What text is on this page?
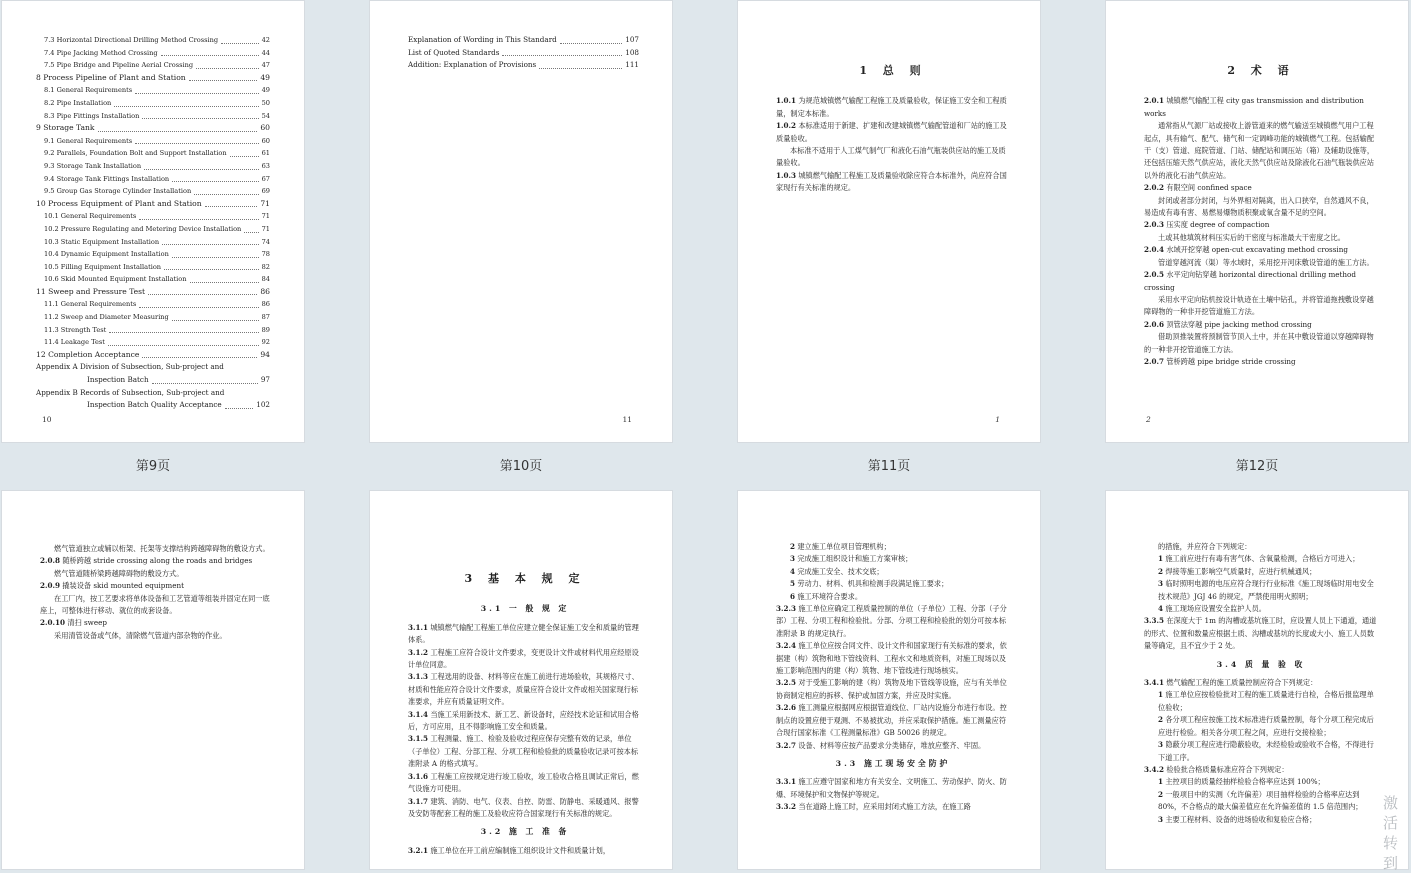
7.3 Horizontal Directional Drilling Method Crossing	42
7.4 Pipe Jacking Method Crossing	44
7.5 Pipe Bridge and Pipeline Aerial Crossing	47
8 Process Pipeline of Plant and Station	49
8.1 General Requirements	49
8.2 Pipe Installation	50
8.3 Pipe Fittings Installation	54
9 Storage Tank	60
9.1 General Requirements	60
9.2 Parallels, Foundation Bolt and Support Installation	61
9.3 Storage Tank Installation	63
9.4 Storage Tank Fittings Installation	67
9.5 Group Gas Storage Cylinder Installation	69
10 Process Equipment of Plant and Station	71
10.1 General Requirements	71
10.2 Pressure Regulating and Metering Device Installation	71
10.3 Static Equipment Installation	74
10.4 Dynamic Equipment Installation	78
10.5 Filling Equipment Installation	82
10.6 Skid Mounted Equipment Installation	84
11 Sweep and Pressure Test	86
11.1 General Requirements	86
11.2 Sweep and Diameter Measuring	87
11.3 Strength Test	89
11.4 Leakage Test	92
12 Completion Acceptance	94
Appendix A Division of Subsection, Sub-project and
Inspection Batch	97
Appendix B Records of Subsection, Sub-project and
Inspection Batch Quality Acceptance	102
10
第9页
Explanation of Wording in This Standard	107
List of Quoted Standards	108
Addition: Explanation of Provisions	111
11
第10页
1 总 则
1.0.1 为规范城镇燃气输配工程施工及质量验收，保证施工安全和工程质量，制定本标准。
1.0.2 本标准适用于新建、扩建和改建城镇燃气输配管道和厂站的施工及质量验收。
本标准不适用于人工煤气制气厂和液化石油气瓶装供应站的施工及质量验收。
1.0.3 城镇燃气输配工程施工及质量验收除应符合本标准外，尚应符合国家现行有关标准的规定。
1
第11页
2 术 语
2.0.1 城镇燃气输配工程 city gas transmission and distribution works
通常指从气源厂站或接收上游管道来的燃气输送至城镇燃气用户工程起点，具有输气、配气、储气和一定调峰功能的城镇燃气工程。包括输配干（支）管道、庭院管道、门站、储配站和调压站（箱）及辅助设施等，还包括压缩天然气供应站，液化天然气供应站及除液化石油气瓶装供应站以外的液化石油气供应站。
2.0.2 有限空间 confined space
封闭或者部分封闭，与外界相对隔离，出入口狭窄，自然通风不良，易造成有毒有害、易燃易爆物质积聚或氧含量不足的空间。
2.0.3 压实度 degree of compaction
土或其他填筑材料压实后的干密度与标准最大干密度之比。
2.0.4 水域开挖穿越 open-cut excavating method crossing
管道穿越河流（渠）等水域时，采用挖开河床敷设管道的施工方法。
2.0.5 水平定向钻穿越 horizontal directional drilling method crossing
采用水平定向钻机按设计轨迹在土壤中钻孔，并将管道拖拽敷设穿越障碍物的一种非开挖管道施工方法。
2.0.6 顶管法穿越 pipe jacking method crossing
借助顶推装置将预制管节顶入土中，并在其中敷设管道以穿越障碍物的一种非开挖管道施工方法。
2.0.7 管桥跨越 pipe bridge stride crossing
2
第12页
燃气管道独立或辅以桁架、托架等支撑结构跨越障碍物的敷设方式。
2.0.8 随桥跨越 stride crossing along the roads and bridges
燃气管道随桥梁跨越障碍物的敷设方式。
2.0.9 撬装设备 skid mounted equipment
在工厂内，按工艺要求将单体设备和工艺管道等组装并固定在同一底座上，可整体进行移动、就位的成套设备。
2.0.10 清扫 sweep
采用清管设备或气体，清除燃气管道内部杂物的作业。
3 基 本 规 定
3.1 一 般 规 定
3.1.1 城镇燃气输配工程施工单位应建立健全保证施工安全和质量的管理体系。
3.1.2 工程施工应符合设计文件要求，变更设计文件或材料代用应经原设计单位同意。
3.1.3 工程选用的设备、材料等应在施工前进行进场验收，其规格尺寸、材质和性能应符合设计文件要求，质量应符合设计文件或相关国家现行标准要求，并应有质量证明文件。
3.1.4 当施工采用新技术、新工艺、新设备时，应经技术论证和试用合格后，方可应用，且不得影响施工安全和质量。
3.1.5 工程测量、施工、检验及验收过程应保存完整有效的记录，单位（子单位）工程、分部工程、分项工程和检验批的质量验收记录可按本标准附录 A 的格式填写。
3.1.6 工程施工应按规定进行竣工验收，竣工验收合格且调试正常后，燃气设施方可使用。
3.1.7 建筑、消防、电气、仪表、自控、防雷、防静电、采暖通风、报警及安防等配套工程的施工及验收应符合国家现行有关标准的规定。
3.2 施 工 准 备
3.2.1 施工单位在开工前应编制施工组织设计文件和质量计划，
2 建立施工单位项目管理机构；
3 完成施工组织设计和施工方案审核；
4 完成施工安全、技术交底；
5 劳动力、材料、机具和检测手段满足施工要求；
6 施工环境符合要求。
3.2.3 施工单位应确定工程质量控制的单位（子单位）工程、分部（子分部）工程、分项工程和检验批。分部、分项工程和检验批的划分可按本标准附录 B 的规定执行。
3.2.4 施工单位应按合同文件、设计文件和国家现行有关标准的要求，依据建（构）筑物和地下管线资料、工程水文和地质资料，对施工现场以及施工影响范围内的建（构）筑物、地下管线进行现场核实。
3.2.5 对于受施工影响的建（构）筑物及地下管线等设施，应与有关单位协商制定相应的拆移、保护或加固方案，并应及时实施。
3.2.6 施工测量应根据网应根据管道线位、厂站内设施分布进行布设。控制点的设置应便于观测、不易被扰动，并应采取保护措施。施工测量应符合现行国家标准《工程测量标准》GB 50026 的规定。
3.2.7 设备、材料等应按产品要求分类储存，堆放应整齐、牢固。
3.3 施工现场安全防护
3.3.1 施工应遵守国家和地方有关安全、文明施工、劳动保护、防火、防爆、环境保护和文物保护等规定。
3.3.2 当在道路上施工时，应采用封闭式施工方法，在施工路
的措施，并应符合下列规定：
1 施工前应进行有毒有害气体、含氧量检测，合格后方可进入；
2 焊接等施工影响空气质量时，应进行机械通风；
3 临时照明电源的电压应符合现行行业标准《施工现场临时用电安全技术规范》JGJ 46 的规定，严禁使用明火照明；
4 施工现场应设置安全监护人员。
3.3.5 在深度大于 1m 的沟槽或基坑施工时，应设置人员上下通道，通道的形式、位置和数量应根据土质、沟槽或基坑的长度或大小、施工人员数量等确定，且不宜少于 2 处。
3.4 质 量 验 收
3.4.1 燃气输配工程的施工质量控制应符合下列规定：
1 施工单位应按检验批对工程的施工质量进行自检，合格后报监理单位验收；
2 各分项工程应按施工技术标准进行质量控制，每个分项工程完成后应进行检验。相关各分项工程之间，应进行交接检验；
3 隐蔽分项工程应进行隐蔽验收，未经检验或验收不合格，不得进行下道工序。
3.4.2 检验批合格质量标准应符合下列规定：
1 主控项目的质量经抽样检验合格率应达到 100%；
2 一般项目中的实测（允许偏差）项目抽样检验的合格率应达到 80%，不合格点的最大偏差值应在允许偏差值的 1.5 倍范围内；
3 主要工程材料、设备的进场验收和复验应合格；
激活
转到
